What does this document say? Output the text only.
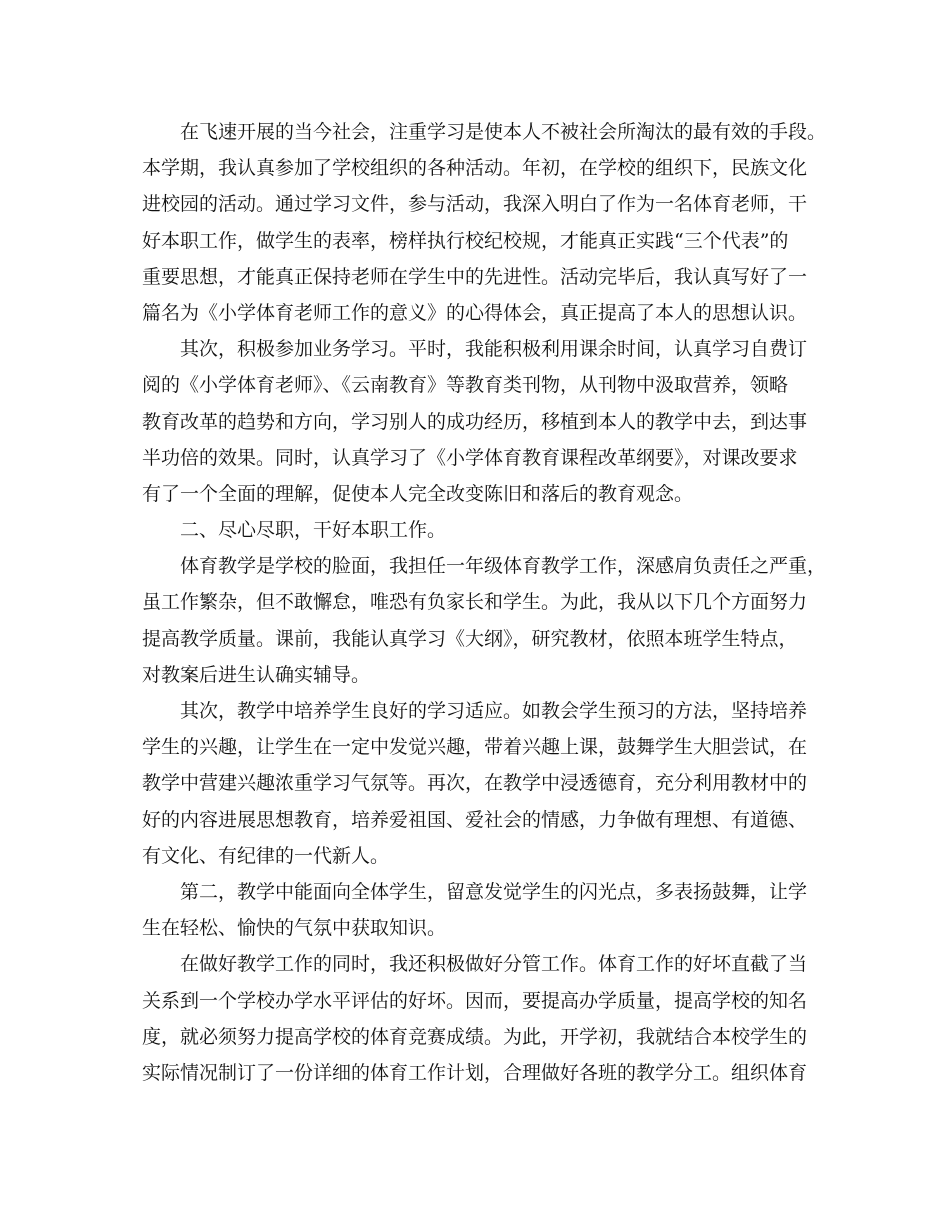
在飞速开展的当今社会，注重学习是使本人不被社会所淘汰的最有效的手段。
本学期，我认真参加了学校组织的各种活动。年初，在学校的组织下，民族文化
进校园的活动。通过学习文件，参与活动，我深入明白了作为一名体育老师，干
好本职工作，做学生的表率，榜样执行校纪校规，才能真正实践“三个代表”的
重要思想，才能真正保持老师在学生中的先进性。活动完毕后，我认真写好了一
篇名为《小学体育老师工作的意义》的心得体会，真正提高了本人的思想认识。
其次，积极参加业务学习。平时，我能积极利用课余时间，认真学习自费订
阅的《小学体育老师》、《云南教育》等教育类刊物，从刊物中汲取营养，领略
教育改革的趋势和方向，学习别人的成功经历，移植到本人的教学中去，到达事
半功倍的效果。同时，认真学习了《小学体育教育课程改革纲要》，对课改要求
有了一个全面的理解，促使本人完全改变陈旧和落后的教育观念。
二、尽心尽职，干好本职工作。
体育教学是学校的脸面，我担任一年级体育教学工作，深感肩负责任之严重，
虽工作繁杂，但不敢懈怠，唯恐有负家长和学生。为此，我从以下几个方面努力
提高教学质量。课前，我能认真学习《大纲》，研究教材，依照本班学生特点，
对教案后进生认确实辅导。
其次，教学中培养学生良好的学习适应。如教会学生预习的方法，坚持培养
学生的兴趣，让学生在一定中发觉兴趣，带着兴趣上课，鼓舞学生大胆尝试，在
教学中营建兴趣浓重学习气氛等。再次，在教学中浸透德育，充分利用教材中的
好的内容进展思想教育，培养爱祖国、爱社会的情感，力争做有理想、有道德、
有文化、有纪律的一代新人。
第二，教学中能面向全体学生，留意发觉学生的闪光点，多表扬鼓舞，让学
生在轻松、愉快的气氛中获取知识。
在做好教学工作的同时，我还积极做好分管工作。体育工作的好坏直截了当
关系到一个学校办学水平评估的好坏。因而，要提高办学质量，提高学校的知名
度，就必须努力提高学校的体育竞赛成绩。为此，开学初，我就结合本校学生的
实际情况制订了一份详细的体育工作计划，合理做好各班的教学分工。组织体育
